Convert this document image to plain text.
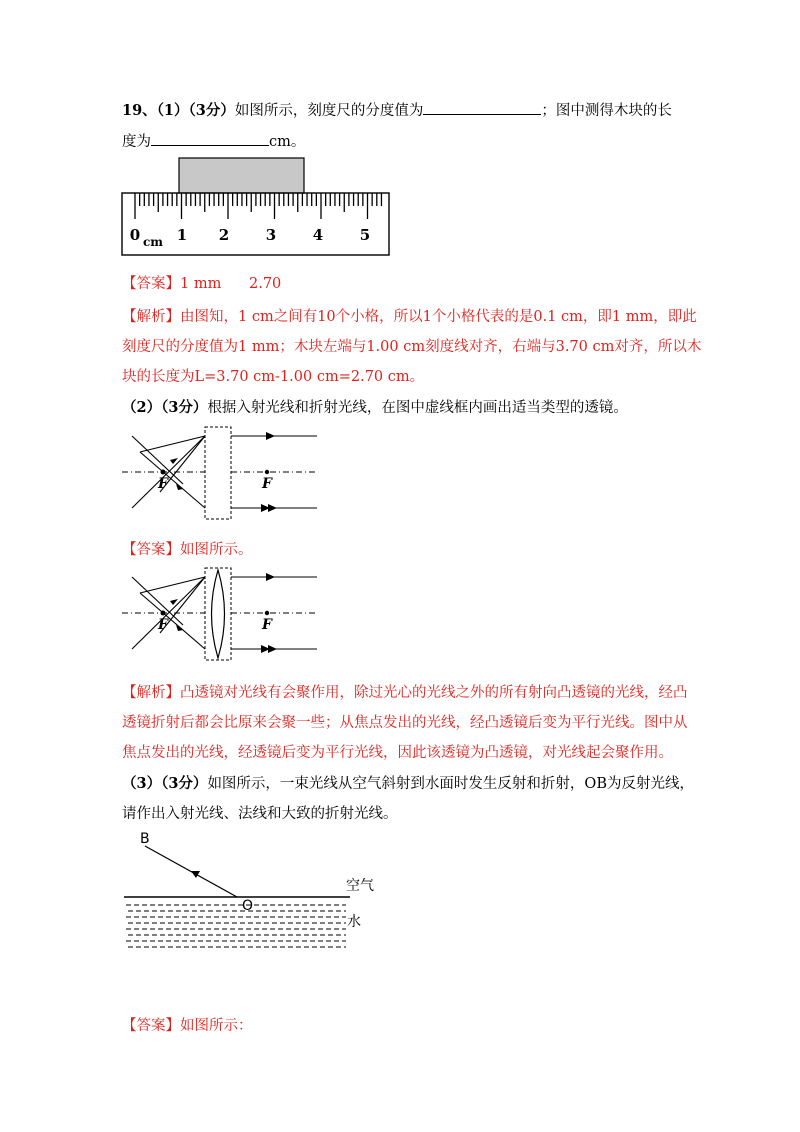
19、（1）（3分）如图所示，刻度尺的分度值为	；图中测得木块的长
度为	cm。
0 cm 1 2 3 4 5
【答案】1 mm      2.70
【解析】由图知，1 cm之间有10个小格，所以1个小格代表的是0.1 cm，即1 mm，即此
刻度尺的分度值为1 mm；木块左端与1.00 cm刻度线对齐，右端与3.70 cm对齐，所以木
块的长度为L=3.70 cm-1.00 cm=2.70 cm。
（2）（3分）根据入射光线和折射光线，在图中虚线框内画出适当类型的透镜。
F	F
【答案】如图所示。
F	F
【解析】凸透镜对光线有会聚作用，除过光心的光线之外的所有射向凸透镜的光线，经凸
透镜折射后都会比原来会聚一些；从焦点发出的光线，经凸透镜后变为平行光线。图中从
焦点发出的光线，经透镜后变为平行光线，因此该透镜为凸透镜，对光线起会聚作用。
（3）（3分）如图所示，一束光线从空气斜射到水面时发生反射和折射，OB为反射光线，
请作出入射光线、法线和大致的折射光线。
B
O
空气
水
【答案】如图所示：
